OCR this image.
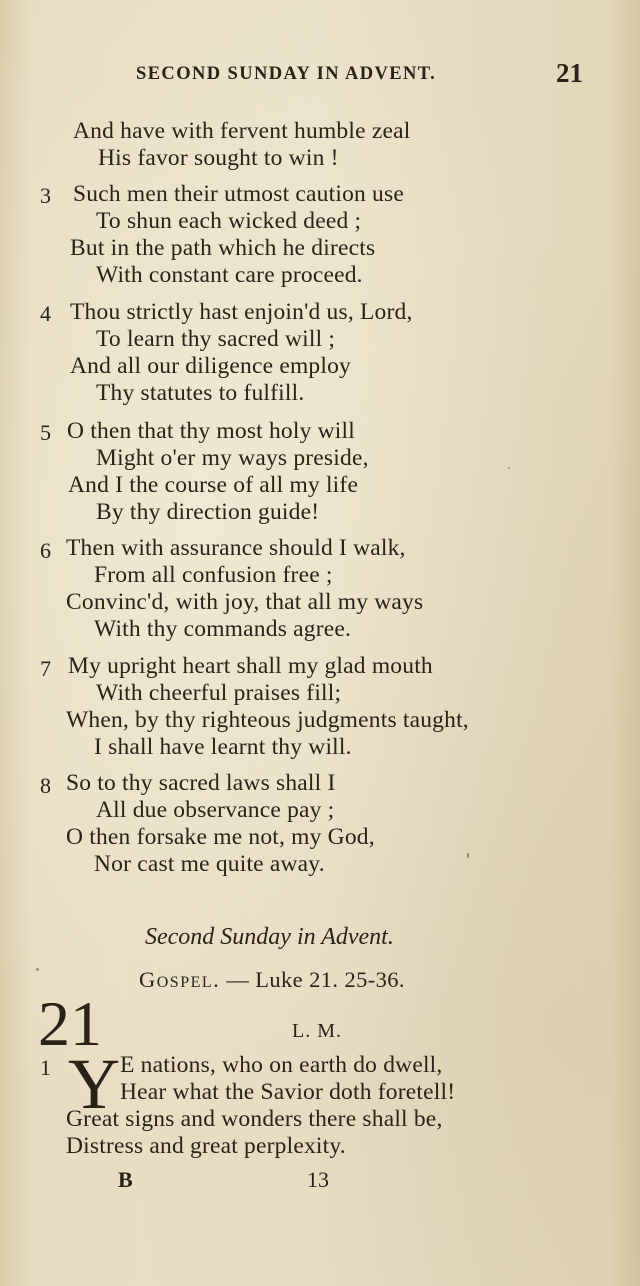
SECOND SUNDAY IN ADVENT.	21
And have with fervent humble zeal
His favor sought to win !
3 Such men their utmost caution use
To shun each wicked deed ;
But in the path which he directs
With constant care proceed.
4 Thou strictly hast enjoin'd us, Lord,
To learn thy sacred will ;
And all our diligence employ
Thy statutes to fulfill.
5 O then that thy most holy will
Might o'er my ways preside,
And I the course of all my life
By thy direction guide!
6 Then with assurance should I walk,
From all confusion free ;
Convinc'd, with joy, that all my ways
With thy commands agree.
7 My upright heart shall my glad mouth
With cheerful praises fill;
When, by thy righteous judgments taught,
I shall have learnt thy will.
8 So to thy sacred laws shall I
All due observance pay ;
O then forsake me not, my God,
Nor cast me quite away.
Second Sunday in Advent.
Gospel. — Luke 21. 25-36.
21	L. M.
1 Y E nations, who on earth do dwell,
Hear what the Savior doth foretell!
Great signs and wonders there shall be,
Distress and great perplexity.
B	13
